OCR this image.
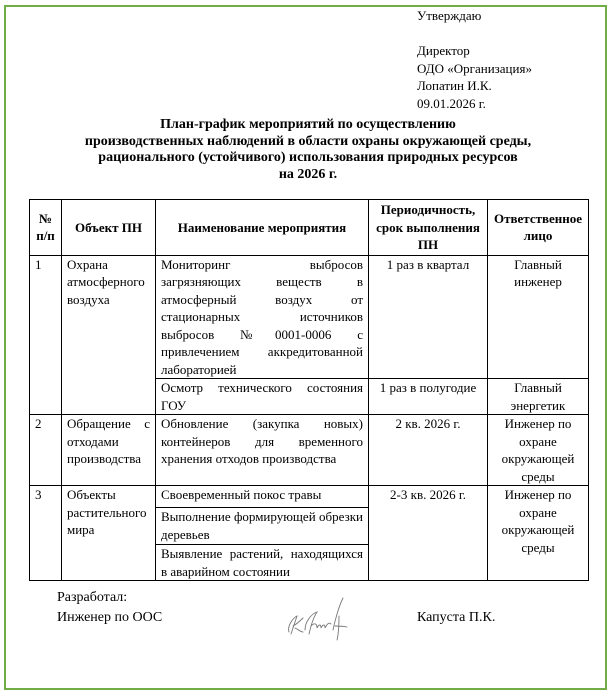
Утверждаю
Директор
ОДО «Организация»
Лопатин И.К.
09.01.2026 г.
План-график мероприятий по осуществлению
производственных наблюдений в области охраны окружающей среды,
рационального (устойчивого) использования природных ресурсов
на 2026 г.
№ п/п	Объект ПН	Наименование мероприятия	Периодичность, срок выполнения ПН	Ответственное лицо
1	Охрана атмосферного воздуха	Мониторинг выбросов загрязняющих веществ в атмосферный воздух от стационарных источников выбросов №0001-0006 с привлечением аккредитованной лабораторией	1 раз в квартал	Главный инженер
		Осмотр технического состояния ГОУ	1 раз в полугодие	Главный энергетик
2	Обращение с отходами производства	Обновление (закупка новых) контейнеров для временного хранения отходов производства	2 кв. 2026 г.	Инженер по охране окружающей среды
3	Объекты растительного мира	Своевременный покос травы	2-3 кв. 2026 г.	Инженер по охране окружающей среды
		Выполнение формирующей обрезки деревьев		
		Выявление растений, находящихся в аварийном состоянии		
Разработал:
Инженер по ООС	Капуста П.К.
